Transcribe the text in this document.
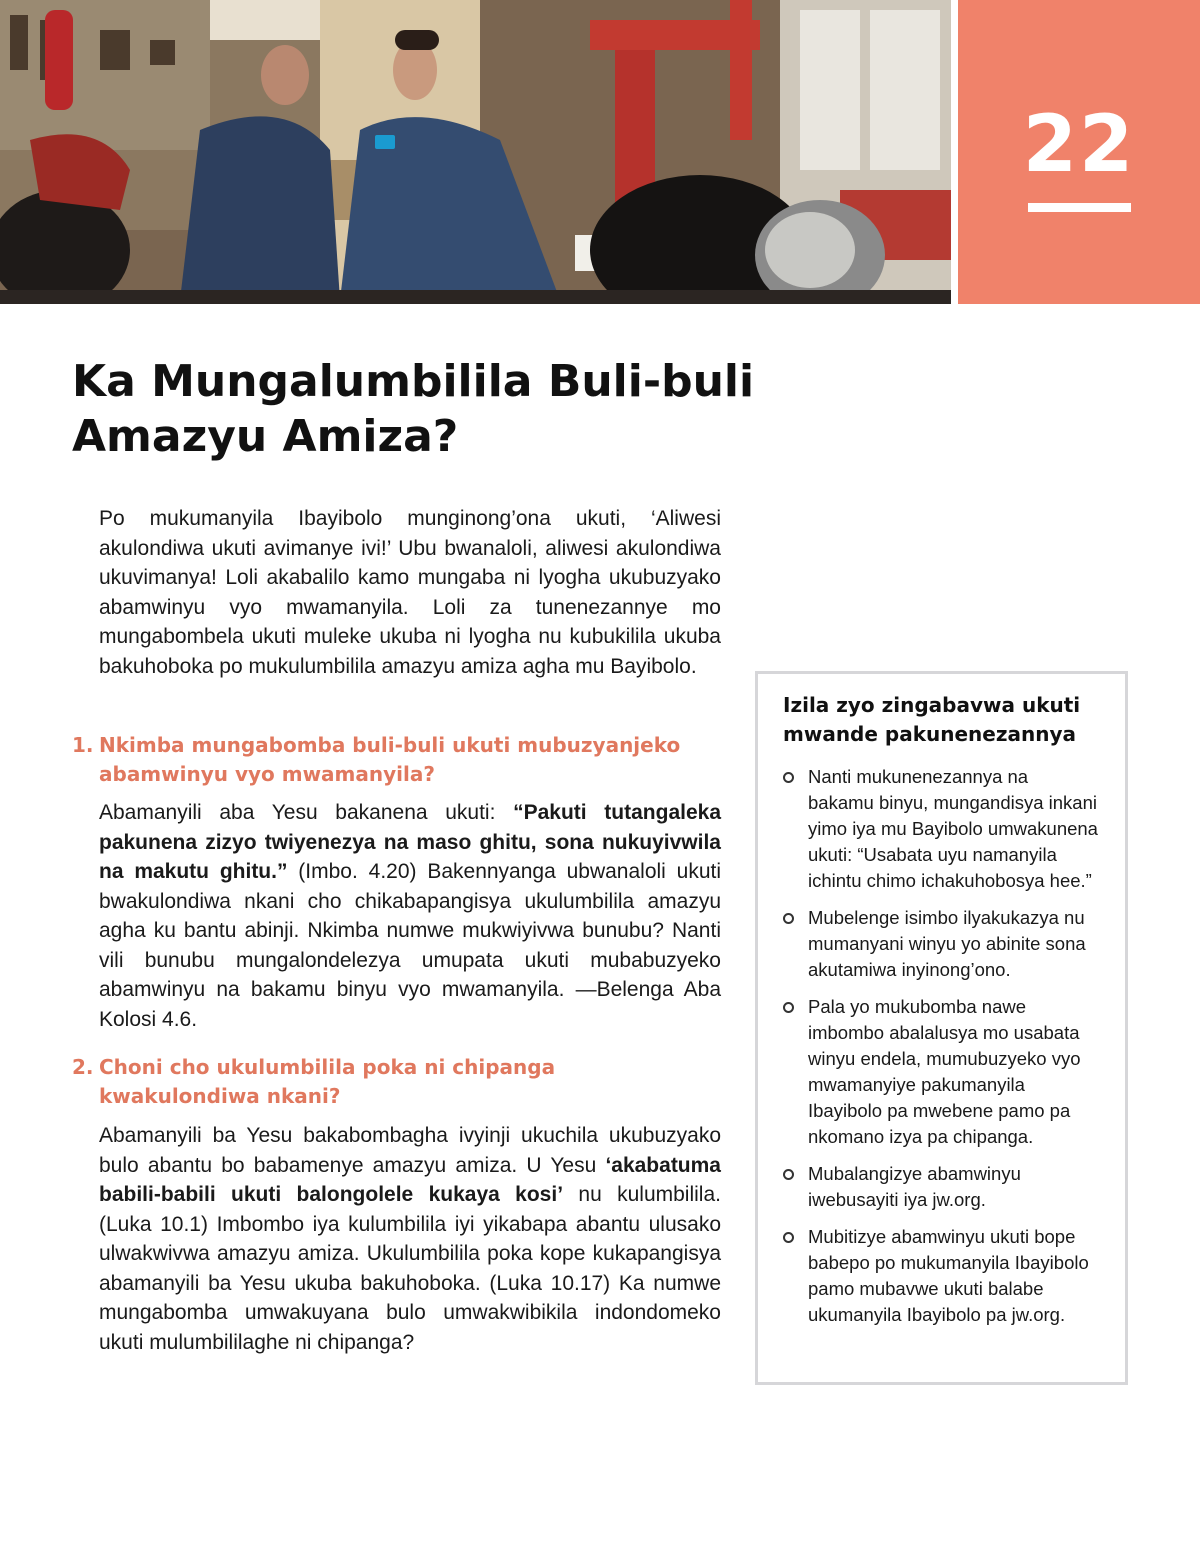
22
Ka Mungalumbilila Buli-buli Amazyu Amiza?
Po mukumanyila Ibayibolo munginong’ona ukuti, ‘Aliwesi akulondiwa ukuti avimanye ivi!’ Ubu bwanaloli, aliwesi akulondiwa ukuvimanya! Loli akabalilo kamo mungaba ni lyogha ukubuzyako abamwinyu vyo mwamanyila. Loli za tunenezannye mo mungabombela ukuti muleke ukuba ni lyogha nu kubukilila ukuba bakuhoboka po mukulumbilila amazyu amiza agha mu Bayibolo.
1. Nkimba mungabomba buli-buli ukuti mubuzyanjeko
abamwinyu vyo mwamanyila?
Abamanyili aba Yesu bakanena ukuti: “Pakuti tutangaleka pakunena zizyo twiyenezya na maso ghitu, sona nukuyivwila na makutu ghitu.” (Imbo. 4.20) Bakennyanga ubwanaloli ukuti bwakulondiwa nkani cho chikabapangisya ukulumbilila amazyu agha ku bantu abinji. Nkimba numwe mukwiyivwa bunubu? Nanti vili bunubu mungalondelezya umupata ukuti mubabuzyeko abamwinyu na bakamu binyu vyo mwamanyila. —Belenga Aba Kolosi 4.6.
2. Choni cho ukulumbilila poka ni chipanga
kwakulondiwa nkani?
Abamanyili ba Yesu bakabombagha ivyinji ukuchila ukubuzyako bulo abantu bo babamenye amazyu amiza. U Yesu ‘akabatuma babili-babili ukuti balongolele kukaya kosi’ nu kulumbilila. (Luka 10.1) Imbombo iya kulumbilila iyi yikabapa abantu ulusako ulwakwivwa amazyu amiza. Ukulumbilila poka kope kukapangisya abamanyili ba Yesu ukuba bakuhoboka. (Luka 10.17) Ka numwe mungabomba umwakuyana bulo umwakwibikila indondomeko ukuti mulumbililaghe ni chipanga?
Izila zyo zingabavwa ukuti mwande pakunenezannya
Nanti mukunenezannya na bakamu binyu, mungandisya inkani yimo iya mu Bayibolo umwakunena ukuti: “Usabata uyu namanyila ichintu chimo ichakuhobosya hee.”
Mubelenge isimbo ilyakukazya nu mumanyani winyu yo abinite sona akutamiwa inyinong’ono.
Pala yo mukubomba nawe imbombo abalalusya mo usabata winyu endela, mumubuzyeko vyo mwamanyiye pakumanyila Ibayibolo pa mwebene pamo pa nkomano izya pa chipanga.
Mubalangizye abamwinyu iwebusayiti iya jw.org.
Mubitizye abamwinyu ukuti bope babepo po mukumanyila Ibayibolo pamo mubavwe ukuti balabe ukumanyila Ibayibolo pa jw.org.
